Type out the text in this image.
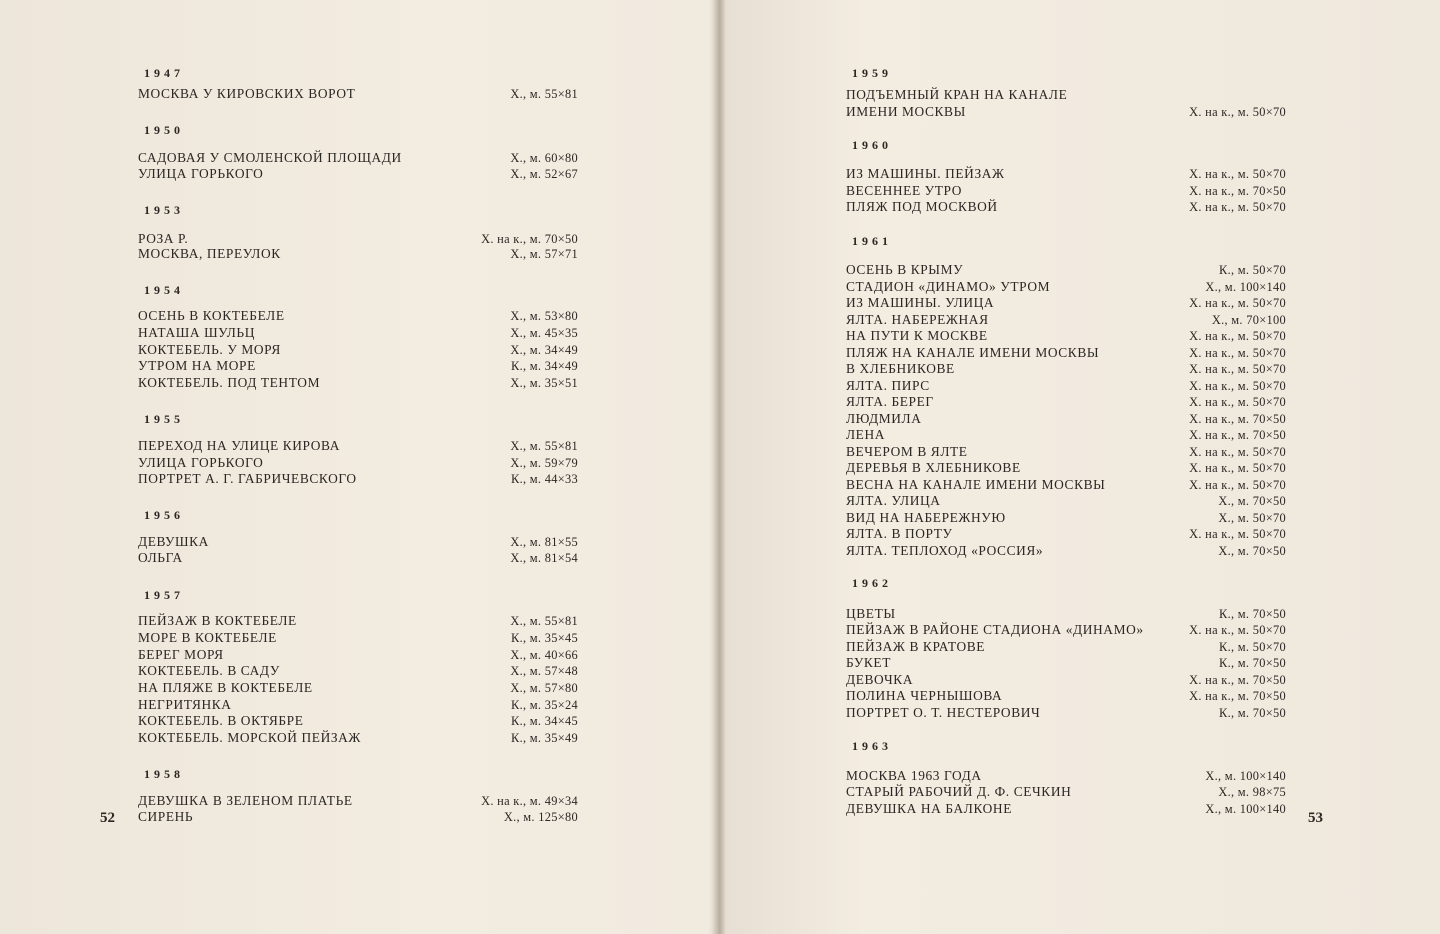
1947
МОСКВА У КИРОВСКИХ ВОРОТ	Х., м. 55×81
1950
САДОВАЯ У СМОЛЕНСКОЙ ПЛОЩАДИ	Х., м. 60×80
УЛИЦА ГОРЬКОГО	Х., м. 52×67
1953
РОЗА Р.	Х. на к., м. 70×50
МОСКВА, ПЕРЕУЛОК	Х., м. 57×71
1954
ОСЕНЬ В КОКТЕБЕЛЕ	Х., м. 53×80
НАТАША ШУЛЬЦ	Х., м. 45×35
КОКТЕБЕЛЬ. У МОРЯ	Х., м. 34×49
УТРОМ НА МОРЕ	К., м. 34×49
КОКТЕБЕЛЬ. ПОД ТЕНТОМ	Х., м. 35×51
1955
ПЕРЕХОД НА УЛИЦЕ КИРОВА	Х., м. 55×81
УЛИЦА ГОРЬКОГО	Х., м. 59×79
ПОРТРЕТ А. Г. ГАБРИЧЕВСКОГО	К., м. 44×33
1956
ДЕВУШКА	Х., м. 81×55
ОЛЬГА	Х., м. 81×54
1957
ПЕЙЗАЖ В КОКТЕБЕЛЕ	Х., м. 55×81
МОРЕ В КОКТЕБЕЛЕ	К., м. 35×45
БЕРЕГ МОРЯ	Х., м. 40×66
КОКТЕБЕЛЬ. В САДУ	Х., м. 57×48
НА ПЛЯЖЕ В КОКТЕБЕЛЕ	Х., м. 57×80
НЕГРИТЯНКА	К., м. 35×24
КОКТЕБЕЛЬ. В ОКТЯБРЕ	К., м. 34×45
КОКТЕБЕЛЬ. МОРСКОЙ ПЕЙЗАЖ	К., м. 35×49
1958
ДЕВУШКА В ЗЕЛЕНОМ ПЛАТЬЕ	Х. на к., м. 49×34
СИРЕНЬ	Х., м. 125×80
52
1959
ПОДЪЕМНЫЙ КРАН НА КАНАЛЕ
ИМЕНИ МОСКВЫ	Х. на к., м. 50×70
1960
ИЗ МАШИНЫ. ПЕЙЗАЖ	Х. на к., м. 50×70
ВЕСЕННЕЕ УТРО	Х. на к., м. 70×50
ПЛЯЖ ПОД МОСКВОЙ	Х. на к., м. 50×70
1961
ОСЕНЬ В КРЫМУ	К., м. 50×70
СТАДИОН «ДИНАМО» УТРОМ	Х., м. 100×140
ИЗ МАШИНЫ. УЛИЦА	Х. на к., м. 50×70
ЯЛТА. НАБЕРЕЖНАЯ	Х., м. 70×100
НА ПУТИ К МОСКВЕ	Х. на к., м. 50×70
ПЛЯЖ НА КАНАЛЕ ИМЕНИ МОСКВЫ	Х. на к., м. 50×70
В ХЛЕБНИКОВЕ	Х. на к., м. 50×70
ЯЛТА. ПИРС	Х. на к., м. 50×70
ЯЛТА. БЕРЕГ	Х. на к., м. 50×70
ЛЮДМИЛА	Х. на к., м. 70×50
ЛЕНА	Х. на к., м. 70×50
ВЕЧЕРОМ В ЯЛТЕ	Х. на к., м. 50×70
ДЕРЕВЬЯ В ХЛЕБНИКОВЕ	Х. на к., м. 50×70
ВЕСНА НА КАНАЛЕ ИМЕНИ МОСКВЫ	Х. на к., м. 50×70
ЯЛТА. УЛИЦА	Х., м. 70×50
ВИД НА НАБЕРЕЖНУЮ	Х., м. 50×70
ЯЛТА. В ПОРТУ	Х. на к., м. 50×70
ЯЛТА. ТЕПЛОХОД «РОССИЯ»	Х., м. 70×50
1962
ЦВЕТЫ	К., м. 70×50
ПЕЙЗАЖ В РАЙОНЕ СТАДИОНА «ДИНАМО»	Х. на к., м. 50×70
ПЕЙЗАЖ В КРАТОВЕ	К., м. 50×70
БУКЕТ	К., м. 70×50
ДЕВОЧКА	Х. на к., м. 70×50
ПОЛИНА ЧЕРНЫШОВА	Х. на к., м. 70×50
ПОРТРЕТ О. Т. НЕСТЕРОВИЧ	К., м. 70×50
1963
МОСКВА 1963 ГОДА	Х., м. 100×140
СТАРЫЙ РАБОЧИЙ Д. Ф. СЕЧКИН	Х., м. 98×75
ДЕВУШКА НА БАЛКОНЕ	Х., м. 100×140
53
